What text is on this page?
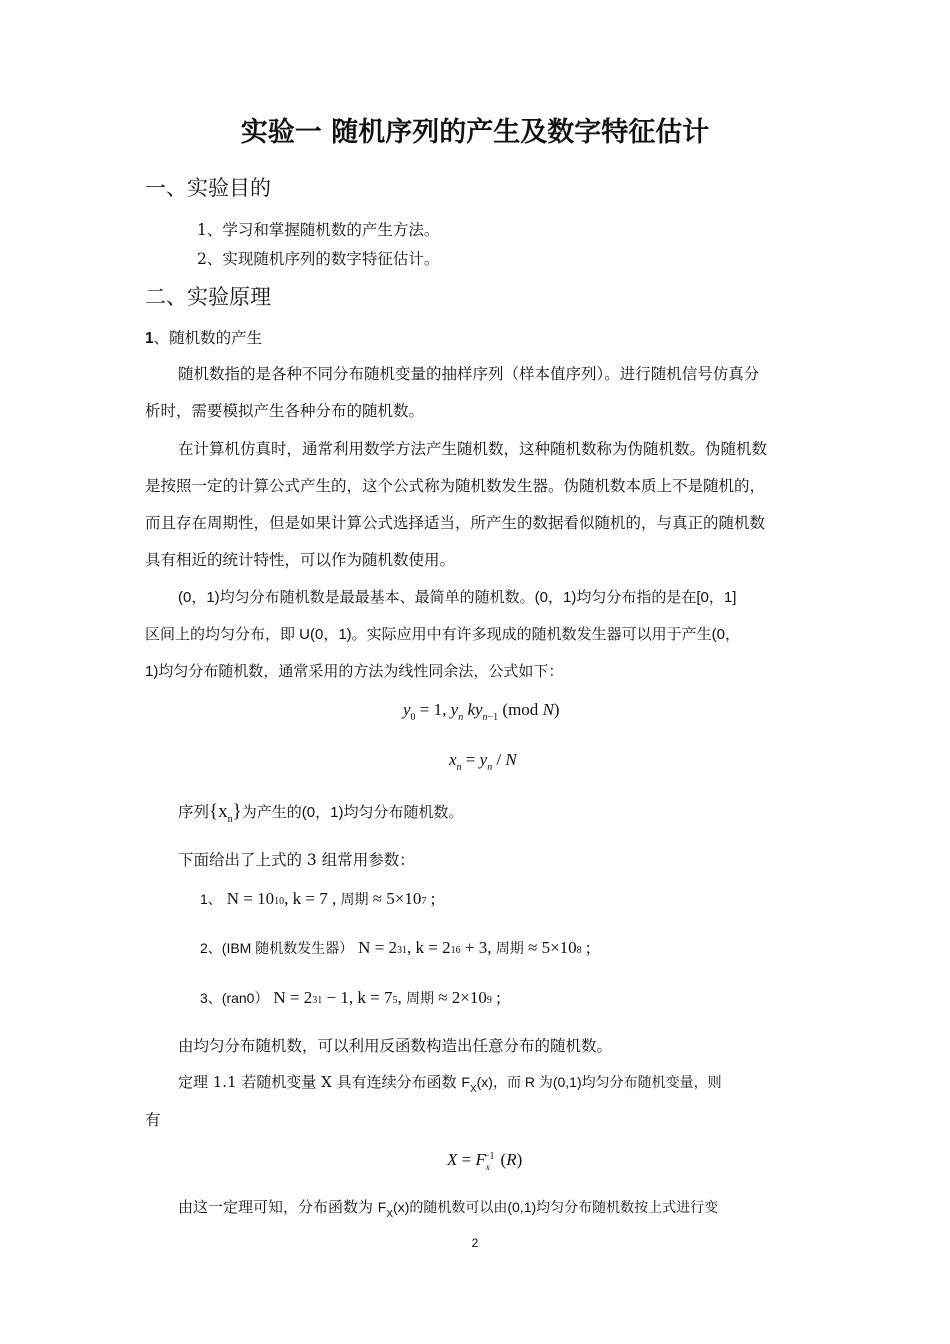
实验一 随机序列的产生及数字特征估计
一、实验目的
1、学习和掌握随机数的产生方法。
2、实现随机序列的数字特征估计。
二、实验原理
1、随机数的产生
随机数指的是各种不同分布随机变量的抽样序列（样本值序列）。进行随机信号仿真分
析时，需要模拟产生各种分布的随机数。
在计算机仿真时，通常利用数学方法产生随机数，这种随机数称为伪随机数。伪随机数
是按照一定的计算公式产生的，这个公式称为随机数发生器。伪随机数本质上不是随机的，
而且存在周期性，但是如果计算公式选择适当，所产生的数据看似随机的，与真正的随机数
具有相近的统计特性，可以作为随机数使用。
(0，1)均匀分布随机数是最最基本、最简单的随机数。(0，1)均匀分布指的是在[0，1]
区间上的均匀分布，即 U(0，1)。实际应用中有许多现成的随机数发生器可以用于产生(0，
1)均匀分布随机数，通常采用的方法为线性同余法，公式如下：
$y_0 = 1$, $y_n$ $ky_{n-1}$ (mod N)
$x_n = y_n / N$
序列$\{x_n\}$为产生的(0，1)均匀分布随机数。
下面给出了上式的 3 组常用参数：
1、 N = 1010, k = 7 , 周期 ≈ 5×107 ;
2、(IBM 随机数发生器） N = 231, k = 216 + 3, 周期 ≈ 5×108 ;
3、(ran0） N = 231 − 1, k = 75, 周期 ≈ 2×109 ;
由均匀分布随机数，可以利用反函数构造出任意分布的随机数。
定理 1.1 若随机变量 X 具有连续分布函数 $F_X(x)$，而 R 为(0,1)均匀分布随机变量，则
有
$X = F_x^{-1}$ (R)
由这一定理可知，分布函数为 $F_X(x)$的随机数可以由(0,1)均匀分布随机数按上式进行变
2
